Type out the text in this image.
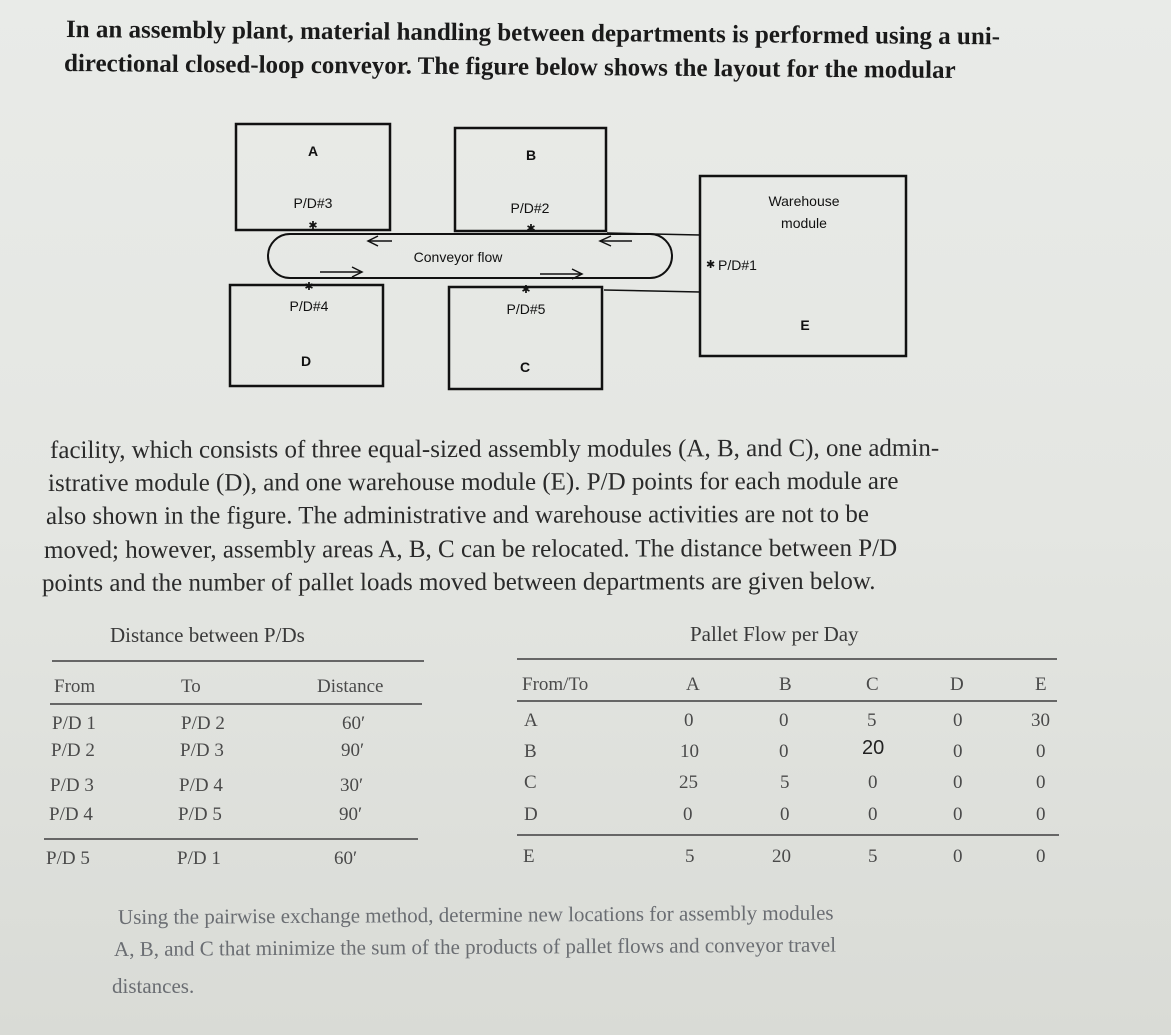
In an assembly plant, material handling between departments is performed using a uni-
directional closed-loop conveyor. The figure below shows the layout for the modular
A
P/D#3
✱
B
P/D#2
✱
Warehouse
module
✱ P/D#1
E
Conveyor flow
✱
P/D#4
D
✱
P/D#5
C
facility, which consists of three equal-sized assembly modules (A, B, and C), one admin-
istrative module (D), and one warehouse module (E). P/D points for each module are
also shown in the figure. The administrative and warehouse activities are not to be
moved; however, assembly areas A, B, C can be relocated. The distance between P/D
points and the number of pallet loads moved between departments are given below.
Distance between P/Ds
From	To	Distance
P/D 1	P/D 2	60′
P/D 2	P/D 3	90′
P/D 3	P/D 4	30′
P/D 4	P/D 5	90′
P/D 5	P/D 1	60′
Pallet Flow per Day
From/To	A	B	C	D	E
A	0	0	5	0	30
B	10	0	20	0	0
C	25	5	0	0	0
D	0	0	0	0	0
E	5	20	5	0	0
Using the pairwise exchange method, determine new locations for assembly modules
A, B, and C that minimize the sum of the products of pallet flows and conveyor travel
distances.
